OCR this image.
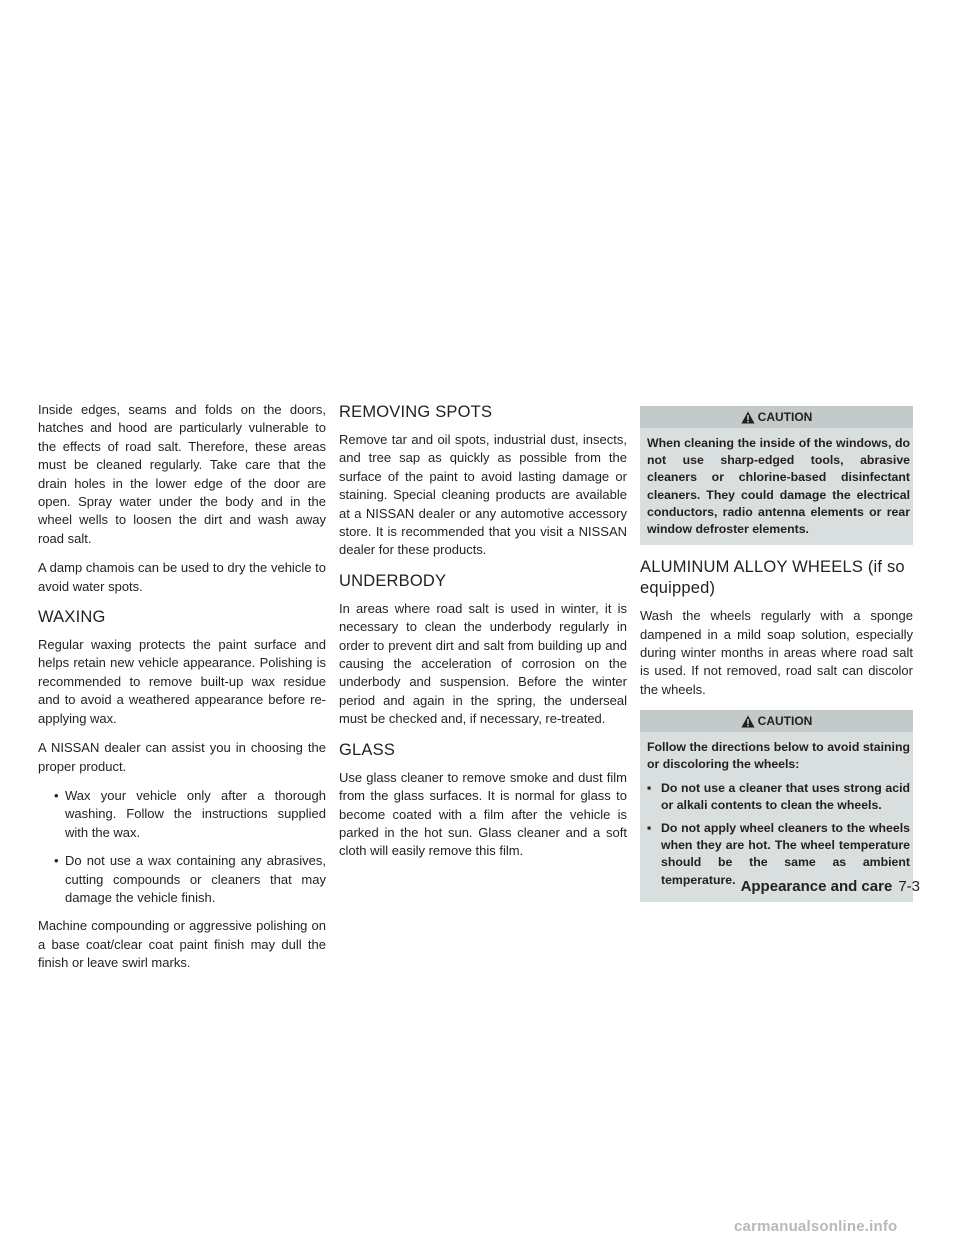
Inside edges, seams and folds on the doors, hatches and hood are particularly vulnerable to the effects of road salt. Therefore, these areas must be cleaned regularly. Take care that the drain holes in the lower edge of the door are open. Spray water under the body and in the wheel wells to loosen the dirt and wash away road salt.

A damp chamois can be used to dry the vehicle to avoid water spots.

WAXING

Regular waxing protects the paint surface and helps retain new vehicle appearance. Polishing is recommended to remove built-up wax residue and to avoid a weathered appearance before re-applying wax.

A NISSAN dealer can assist you in choosing the proper product.

• Wax your vehicle only after a thorough washing. Follow the instructions supplied with the wax.
• Do not use a wax containing any abrasives, cutting compounds or cleaners that may damage the vehicle finish.

Machine compounding or aggressive polishing on a base coat/clear coat paint finish may dull the finish or leave swirl marks.

REMOVING SPOTS

Remove tar and oil spots, industrial dust, insects, and tree sap as quickly as possible from the surface of the paint to avoid lasting damage or staining. Special cleaning products are available at a NISSAN dealer or any automotive accessory store. It is recommended that you visit a NISSAN dealer for these products.

UNDERBODY

In areas where road salt is used in winter, it is necessary to clean the underbody regularly in order to prevent dirt and salt from building up and causing the acceleration of corrosion on the underbody and suspension. Before the winter period and again in the spring, the underseal must be checked and, if necessary, re-treated.

GLASS

Use glass cleaner to remove smoke and dust film from the glass surfaces. It is normal for glass to become coated with a film after the vehicle is parked in the hot sun. Glass cleaner and a soft cloth will easily remove this film.

CAUTION

When cleaning the inside of the windows, do not use sharp-edged tools, abrasive cleaners or chlorine-based disinfectant cleaners. They could damage the electrical conductors, radio antenna elements or rear window defroster elements.

ALUMINUM ALLOY WHEELS (if so equipped)

Wash the wheels regularly with a sponge dampened in a mild soap solution, especially during winter months in areas where road salt is used. If not removed, road salt can discolor the wheels.

CAUTION

Follow the directions below to avoid staining or discoloring the wheels:

▪ Do not use a cleaner that uses strong acid or alkali contents to clean the wheels.
▪ Do not apply wheel cleaners to the wheels when they are hot. The wheel temperature should be the same as ambient temperature. Appearance and care 7-3
carmanualsonline.info
